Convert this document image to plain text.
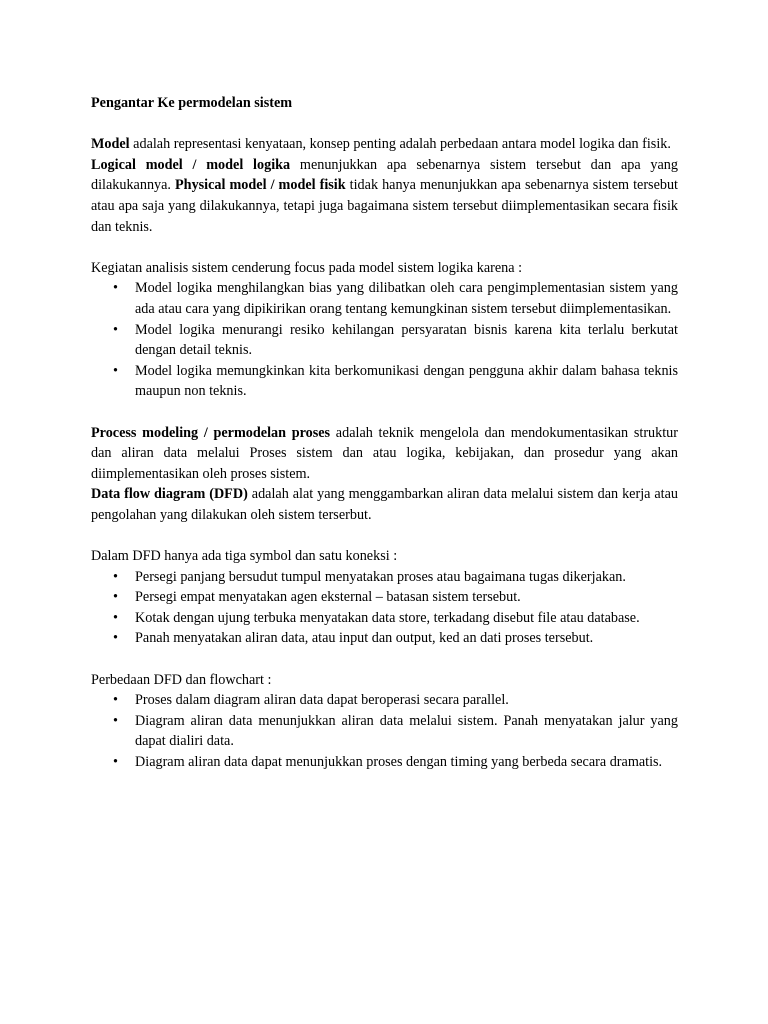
Pengantar Ke permodelan sistem

Model adalah representasi kenyataan, konsep penting adalah perbedaan antara model logika dan fisik.

Logical model / model logika menunjukkan apa sebenarnya sistem tersebut dan apa yang dilakukannya. Physical model / model fisik tidak hanya menunjukkan apa sebenarnya sistem tersebut atau apa saja yang dilakukannya, tetapi juga bagaimana sistem tersebut diimplementasikan secara fisik dan teknis.

Kegiatan analisis sistem cenderung focus pada model sistem logika karena :

• Model logika menghilangkan bias yang dilibatkan oleh cara pengimplementasian sistem yang ada atau cara yang dipikirikan orang tentang kemungkinan sistem tersebut diimplementasikan.
• Model logika menurangi resiko kehilangan persyaratan bisnis karena kita terlalu berkutat dengan detail teknis.
• Model logika memungkinkan kita berkomunikasi dengan pengguna akhir dalam bahasa teknis maupun non teknis.

Process modeling / permodelan proses adalah teknik mengelola dan mendokumentasikan struktur dan aliran data melalui Proses sistem dan atau logika, kebijakan, dan prosedur yang akan diimplementasikan oleh proses sistem.

Data flow diagram (DFD) adalah alat yang menggambarkan aliran data melalui sistem dan kerja atau pengolahan yang dilakukan oleh sistem terserbut.

Dalam DFD hanya ada tiga symbol dan satu koneksi :

• Persegi panjang bersudut tumpul menyatakan proses atau bagaimana tugas dikerjakan.
• Persegi empat menyatakan agen eksternal – batasan sistem tersebut.
• Kotak dengan ujung terbuka menyatakan data store, terkadang disebut file atau database.
• Panah menyatakan aliran data, atau input dan output, ked an dati proses tersebut.

Perbedaan DFD dan flowchart :

• Proses dalam diagram aliran data dapat beroperasi secara parallel.
• Diagram aliran data menunjukkan aliran data melalui sistem. Panah menyatakan jalur yang dapat dialiri data.
• Diagram aliran data dapat menunjukkan proses dengan timing yang berbeda secara dramatis.
